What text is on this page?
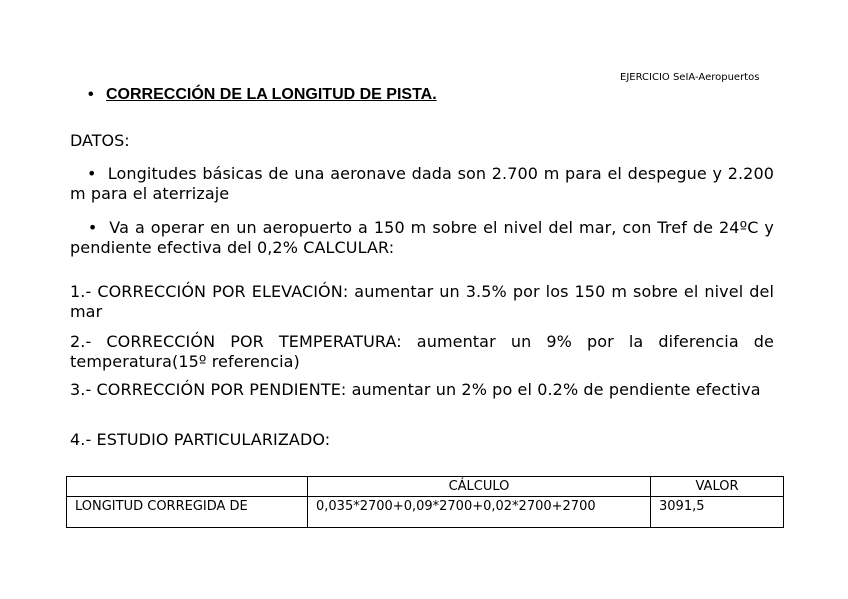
EJERCICIO SeIA-Aeropuertos
• CORRECCIÓN DE LA LONGITUD DE PISTA.
DATOS:
• Longitudes básicas de una aeronave dada son 2.700 m para el despegue y 2.200 m para el aterrizaje
• Va a operar en un aeropuerto a 150 m sobre el nivel del mar, con Tref de 24ºC y pendiente efectiva del 0,2% CALCULAR:
1.- CORRECCIÓN POR ELEVACIÓN: aumentar un 3.5% por los 150 m sobre el nivel del mar
2.- CORRECCIÓN POR TEMPERATURA: aumentar un 9% por la diferencia de temperatura(15º referencia)
3.- CORRECCIÓN POR PENDIENTE: aumentar un 2% po el 0.2% de pendiente efectiva
4.- ESTUDIO PARTICULARIZADO:
	CÁLCULO	VALOR
LONGITUD CORREGIDA DE	0,035*2700+0,09*2700+0,02*2700+2700	3091,5
